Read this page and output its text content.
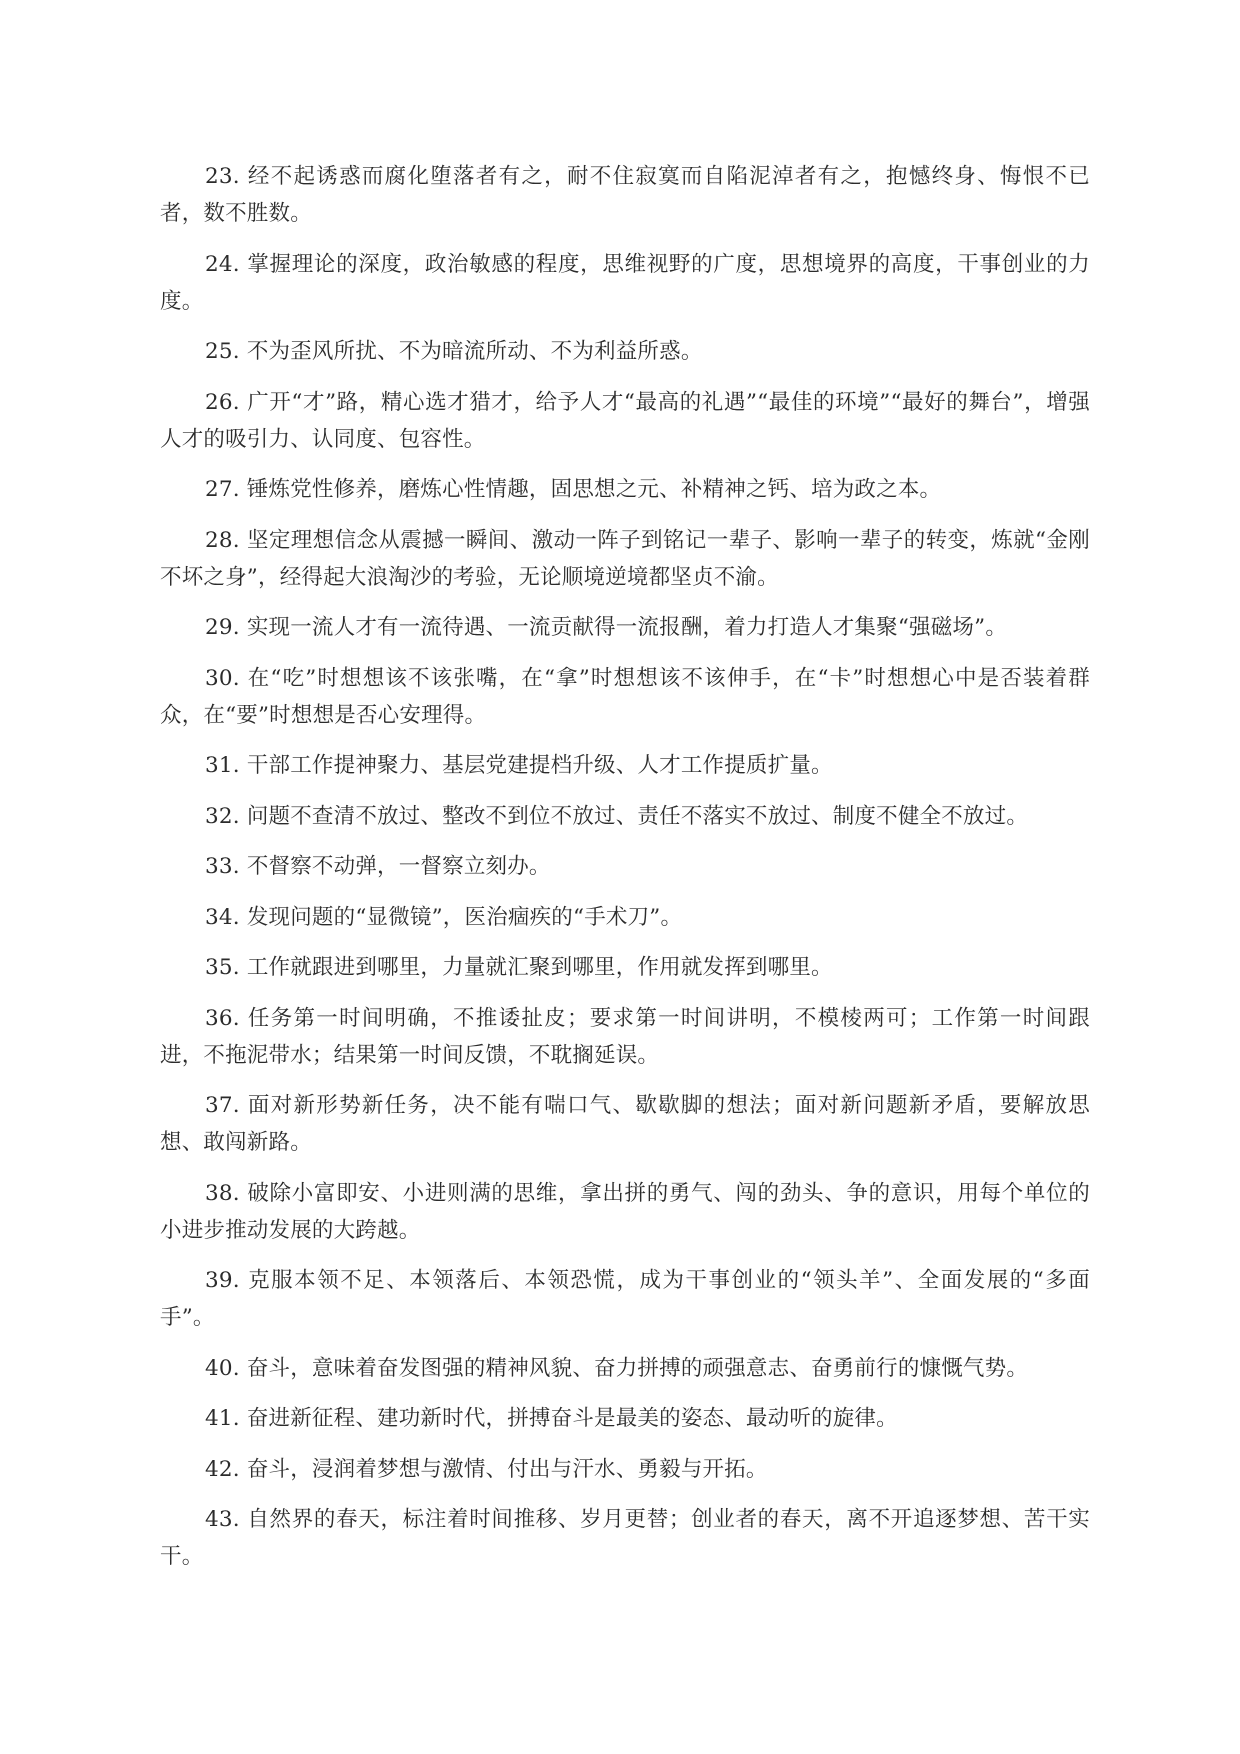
23. 经不起诱惑而腐化堕落者有之，耐不住寂寞而自陷泥淖者有之，抱憾终身、悔恨不已者，数不胜数。

24. 掌握理论的深度，政治敏感的程度，思维视野的广度，思想境界的高度，干事创业的力度。

25. 不为歪风所扰、不为暗流所动、不为利益所惑。

26. 广开“才”路，精心选才猎才，给予人才“最高的礼遇”“最佳的环境”“最好的舞台”，增强人才的吸引力、认同度、包容性。

27. 锤炼党性修养，磨炼心性情趣，固思想之元、补精神之钙、培为政之本。

28. 坚定理想信念从震撼一瞬间、激动一阵子到铭记一辈子、影响一辈子的转变，炼就“金刚不坏之身”，经得起大浪淘沙的考验，无论顺境逆境都坚贞不渝。

29. 实现一流人才有一流待遇、一流贡献得一流报酬，着力打造人才集聚“强磁场”。

30. 在“吃”时想想该不该张嘴，在“拿”时想想该不该伸手，在“卡”时想想心中是否装着群众，在“要”时想想是否心安理得。

31. 干部工作提神聚力、基层党建提档升级、人才工作提质扩量。

32. 问题不查清不放过、整改不到位不放过、责任不落实不放过、制度不健全不放过。

33. 不督察不动弹，一督察立刻办。

34. 发现问题的“显微镜”，医治痼疾的“手术刀”。

35. 工作就跟进到哪里，力量就汇聚到哪里，作用就发挥到哪里。

36. 任务第一时间明确，不推诿扯皮；要求第一时间讲明，不模棱两可；工作第一时间跟进，不拖泥带水；结果第一时间反馈，不耽搁延误。

37. 面对新形势新任务，决不能有喘口气、歇歇脚的想法；面对新问题新矛盾，要解放思想、敢闯新路。

38. 破除小富即安、小进则满的思维，拿出拼的勇气、闯的劲头、争的意识，用每个单位的小进步推动发展的大跨越。

39. 克服本领不足、本领落后、本领恐慌，成为干事创业的“领头羊”、全面发展的“多面手”。

40. 奋斗，意味着奋发图强的精神风貌、奋力拼搏的顽强意志、奋勇前行的慷慨气势。

41. 奋进新征程、建功新时代，拼搏奋斗是最美的姿态、最动听的旋律。

42. 奋斗，浸润着梦想与激情、付出与汗水、勇毅与开拓。

43. 自然界的春天，标注着时间推移、岁月更替；创业者的春天，离不开追逐梦想、苦干实干。
